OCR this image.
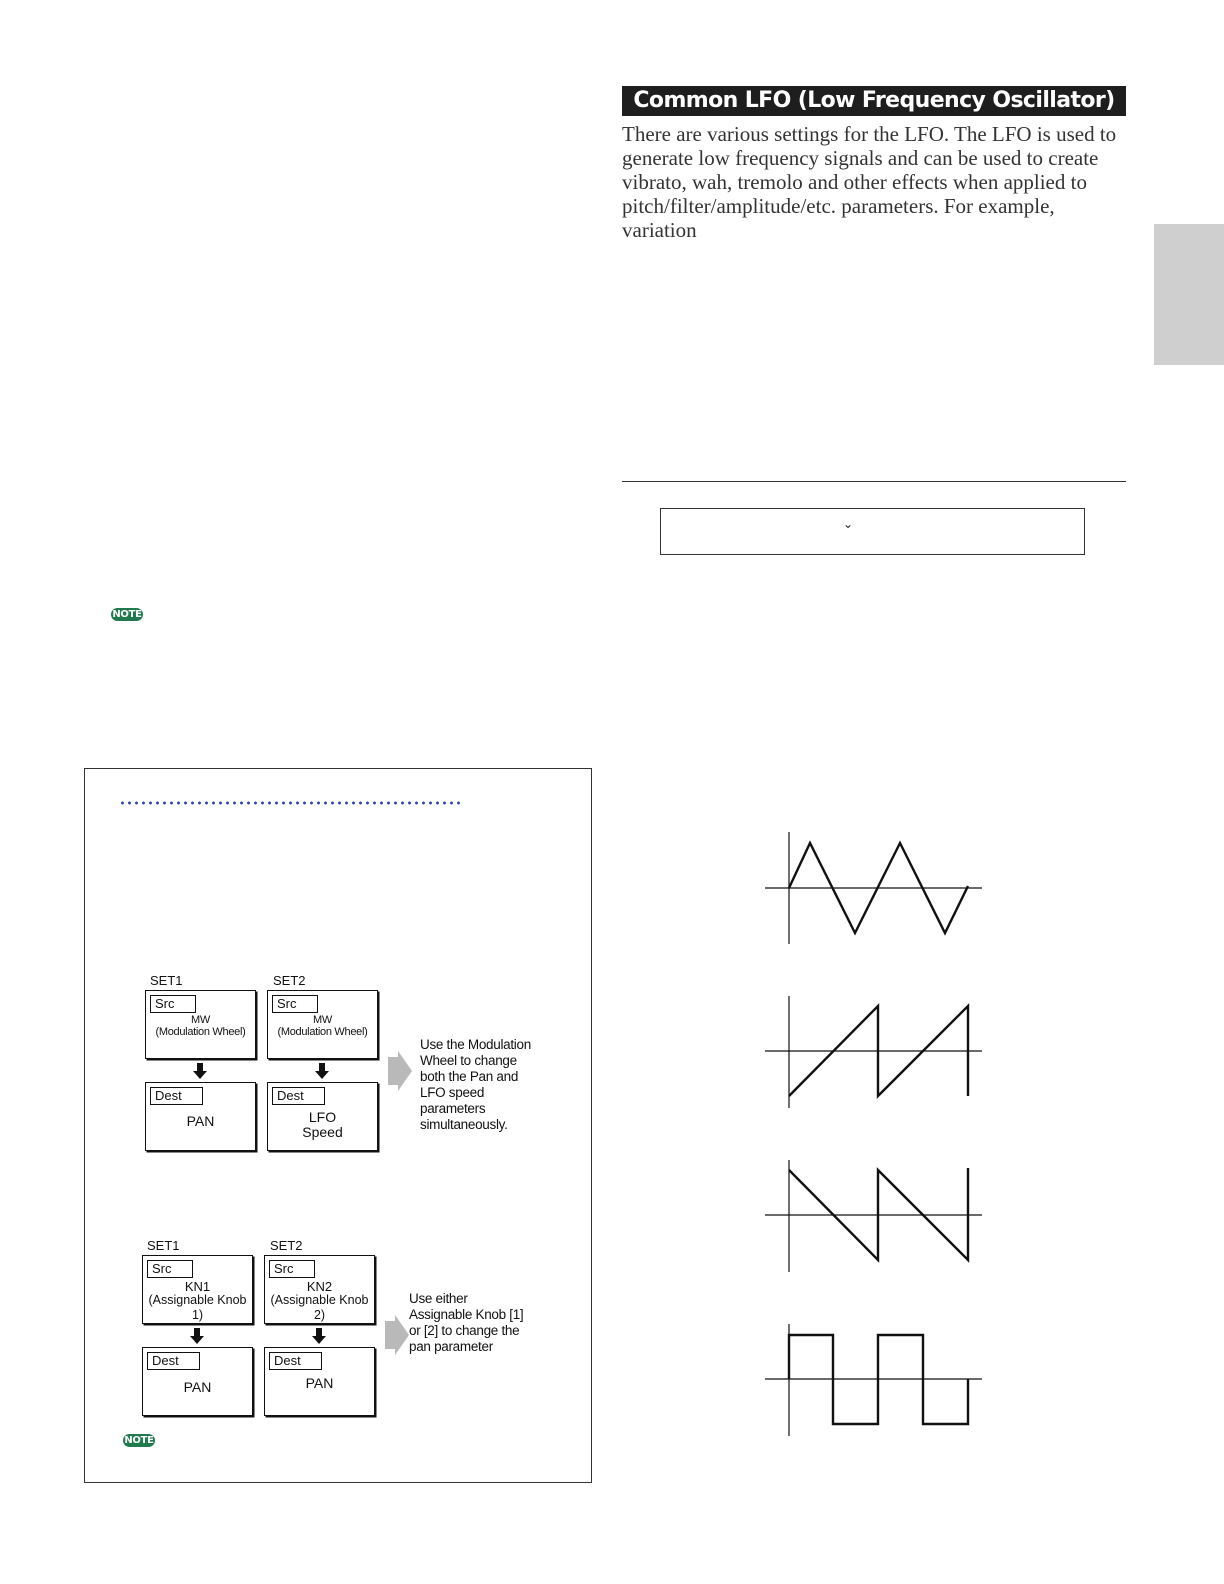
Common LFO (Low Frequency Oscillator)
There are various settings for the LFO. The LFO is used to generate low frequency signals and can be used to create vibrato, wah, tremolo and other effects when applied to pitch/filter/amplitude/etc. parameters. For example, variation
⌄
NOTE
SET1	SET2
Src
MW
(Modulation Wheel)
Src
MW
(Modulation Wheel)
Dest
PAN
Dest
LFO
Speed
Use the Modulation
Wheel to change
both the Pan and
LFO speed
parameters
simultaneously.
SET1	SET2
Src
KN1
(Assignable Knob 1)
Src
KN2
(Assignable Knob 2)
Dest
PAN
Dest
PAN
Use either
Assignable Knob [1]
or [2] to change the
pan parameter
NOTE
